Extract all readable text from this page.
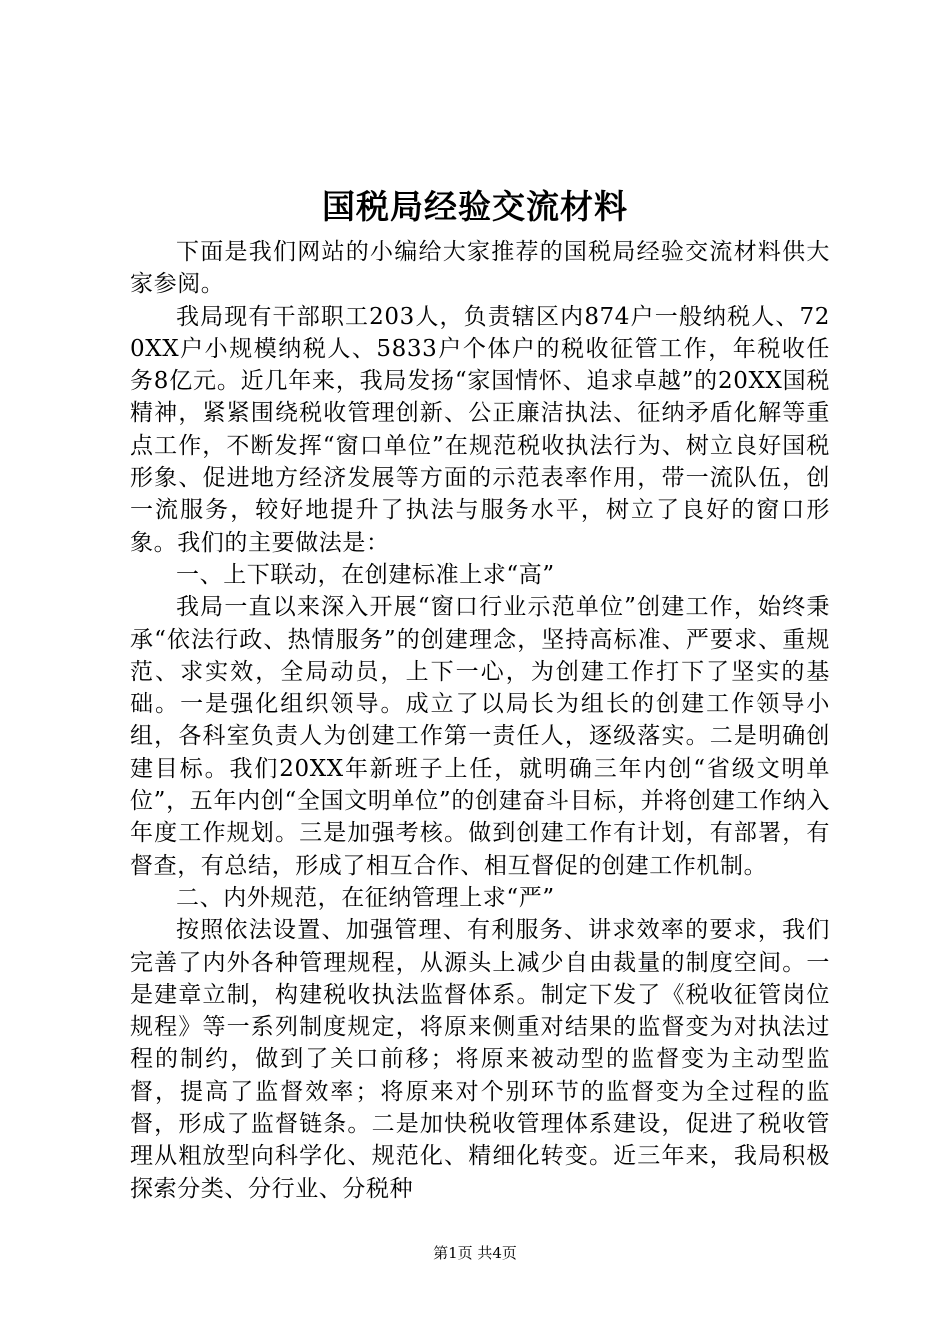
国税局经验交流材料

下面是我们网站的小编给大家推荐的国税局经验交流材料供大家参阅。

我局现有干部职工203人，负责辖区内874户一般纳税人、720XX户小规模纳税人、5833户个体户的税收征管工作，年税收任务8亿元。近几年来，我局发扬“家国情怀、追求卓越”的20XX国税精神，紧紧围绕税收管理创新、公正廉洁执法、征纳矛盾化解等重点工作，不断发挥“窗口单位”在规范税收执法行为、树立良好国税形象、促进地方经济发展等方面的示范表率作用，带一流队伍，创一流服务，较好地提升了执法与服务水平，树立了良好的窗口形象。我们的主要做法是：

一、上下联动，在创建标准上求“高”

我局一直以来深入开展“窗口行业示范单位”创建工作，始终秉承“依法行政、热情服务”的创建理念，坚持高标准、严要求、重规范、求实效，全局动员，上下一心，为创建工作打下了坚实的基础。一是强化组织领导。成立了以局长为组长的创建工作领导小组，各科室负责人为创建工作第一责任人，逐级落实。二是明确创建目标。我们20XX年新班子上任，就明确三年内创“省级文明单位”，五年内创“全国文明单位”的创建奋斗目标，并将创建工作纳入年度工作规划。三是加强考核。做到创建工作有计划，有部署，有督查，有总结，形成了相互合作、相互督促的创建工作机制。

二、内外规范，在征纳管理上求“严”

按照依法设置、加强管理、有利服务、讲求效率的要求，我们完善了内外各种管理规程，从源头上减少自由裁量的制度空间。一是建章立制，构建税收执法监督体系。制定下发了《税收征管岗位规程》等一系列制度规定，将原来侧重对结果的监督变为对执法过程的制约，做到了关口前移；将原来被动型的监督变为主动型监督，提高了监督效率；将原来对个别环节的监督变为全过程的监督，形成了监督链条。二是加快税收管理体系建设，促进了税收管理从粗放型向科学化、规范化、精细化转变。近三年来，我局积极探索分类、分行业、分税种

第1页 共4页
